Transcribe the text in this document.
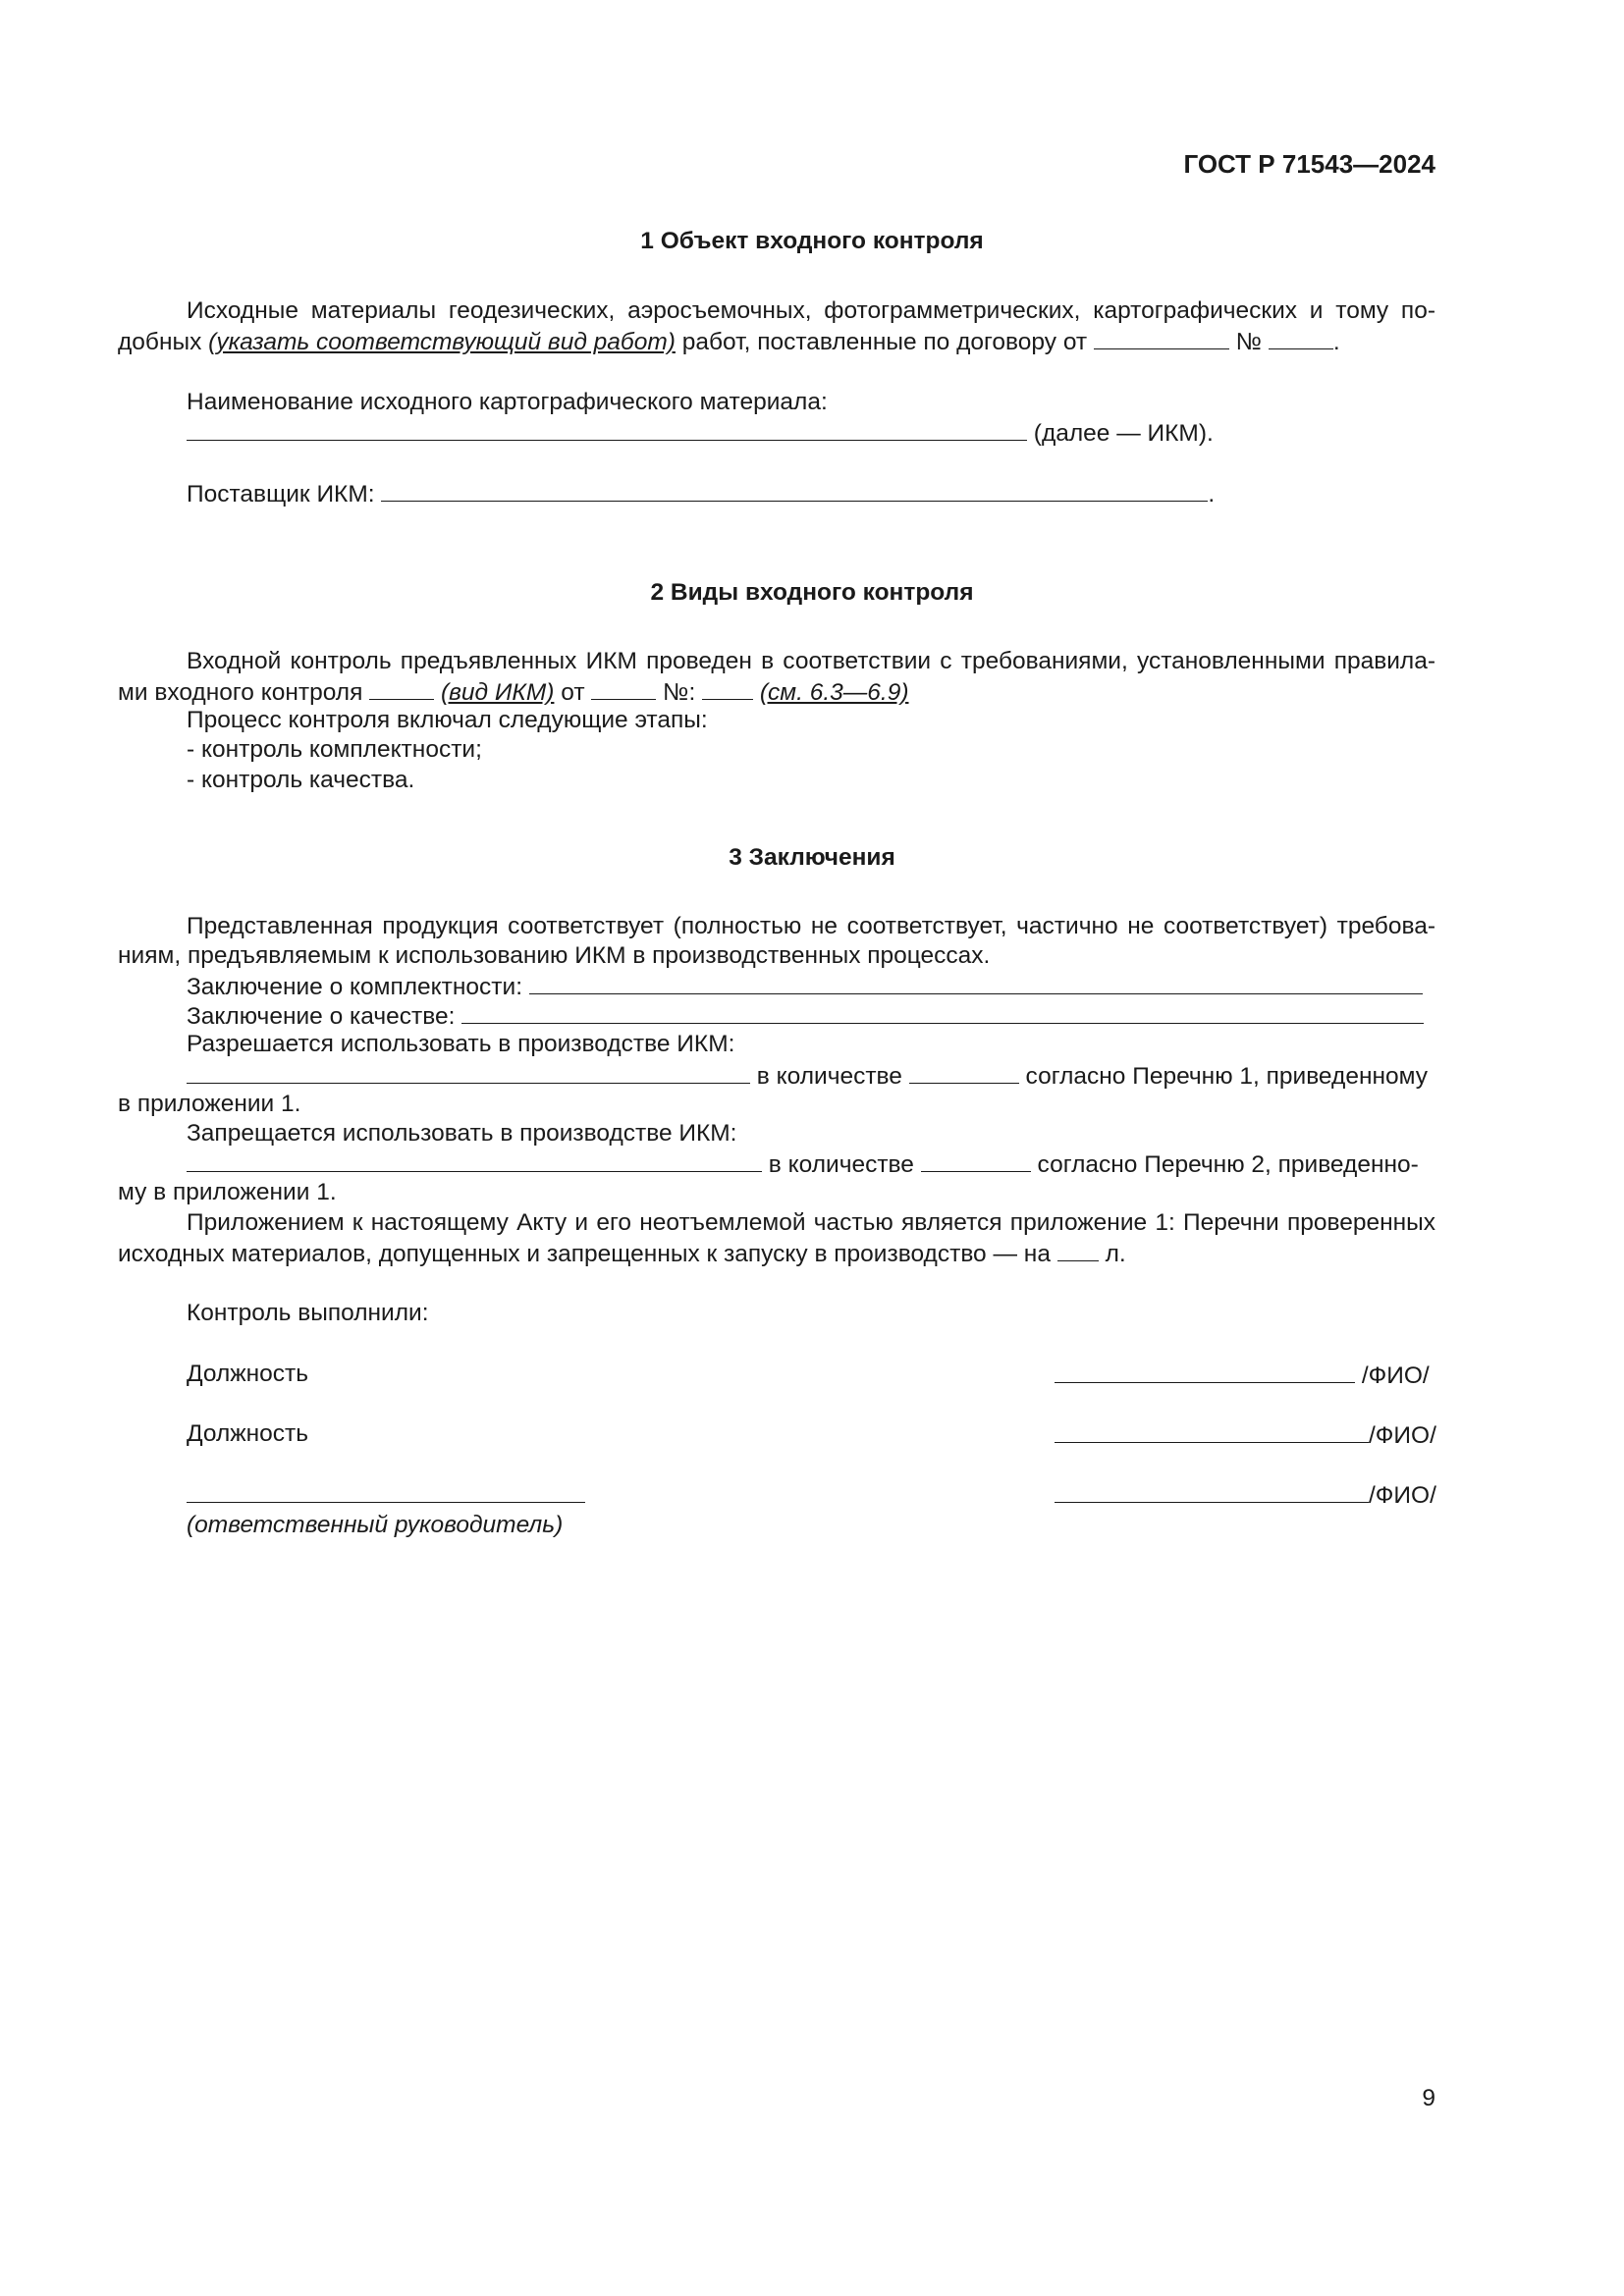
ГОСТ Р 71543—2024
1 Объект входного контроля
Исходные материалы геодезических, аэросъемочных, фотограмметрических, картографических и тому по-
добных (указать соответствующий вид работ) работ, поставленные по договору от	№	.
Наименование исходного картографического материала:
(далее — ИКМ).
Поставщик ИКМ:	.
2 Виды входного контроля
Входной контроль предъявленных ИКМ проведен в соответствии с требованиями, установленными правила-
ми входного контроля	(вид ИКМ) от	№:  (см. 6.3—6.9)
Процесс контроля включал следующие этапы:
- контроль комплектности;
- контроль качества.
3 Заключения
Представленная продукция соответствует (полностью не соответствует, частично не соответствует) требова-
ниям, предъявляемым к использованию ИКМ в производственных процессах.
Заключение о комплектности:
Заключение о качестве:
Разрешается использовать в производстве ИКМ:
в количестве	согласно Перечню 1, приведенному
в приложении 1.
Запрещается использовать в производстве ИКМ:
в количестве	согласно Перечню 2, приведенно-
му в приложении 1.
Приложением к настоящему Акту и его неотъемлемой частью является приложение 1: Перечни проверенных
исходных материалов, допущенных и запрещенных к запуску в производство — на  л.
Контроль выполнили:
Должность	/ФИО/
Должность	/ФИО/
(ответственный руководитель)
/ФИО/
9
